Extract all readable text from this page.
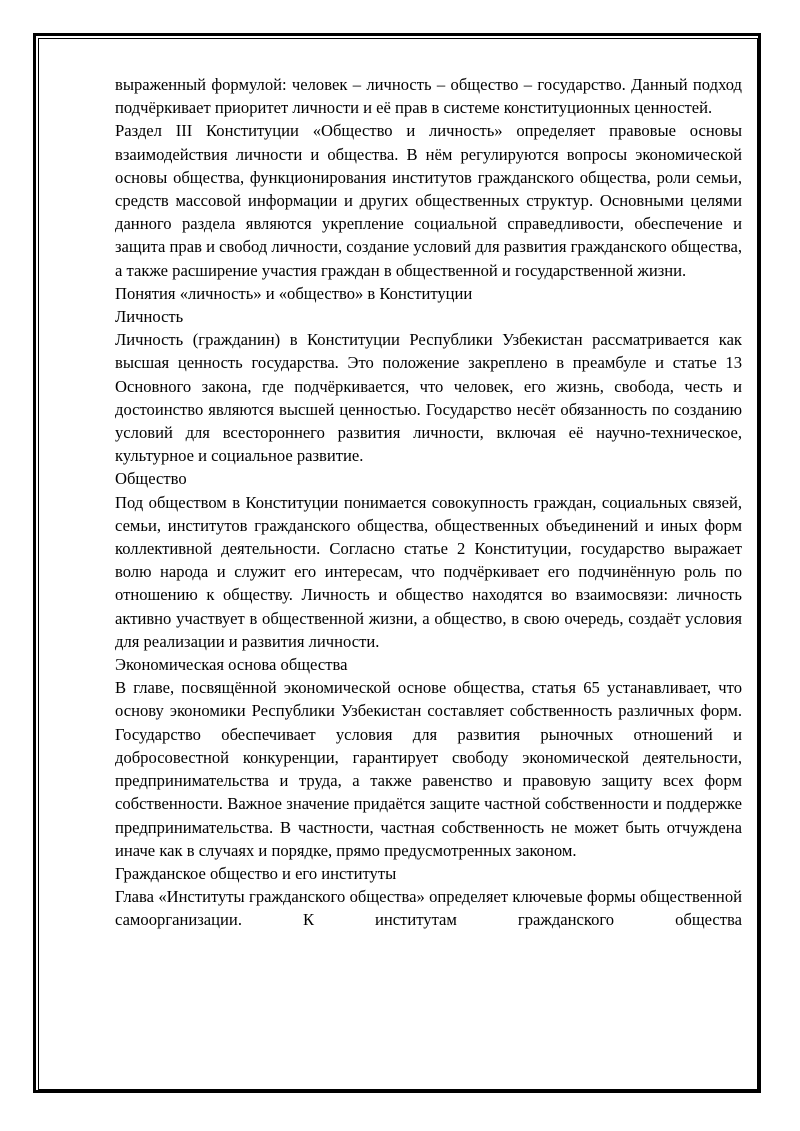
выраженный формулой: человек – личность – общество – государство. Данный подход подчёркивает приоритет личности и её прав в системе конституционных ценностей.

Раздел III Конституции «Общество и личность» определяет правовые основы взаимодействия личности и общества. В нём регулируются вопросы экономической основы общества, функционирования институтов гражданского общества, роли семьи, средств массовой информации и других общественных структур. Основными целями данного раздела являются укрепление социальной справедливости, обеспечение и защита прав и свобод личности, создание условий для развития гражданского общества, а также расширение участия граждан в общественной и государственной жизни.

Понятия «личность» и «общество» в Конституции

Личность

Личность (гражданин) в Конституции Республики Узбекистан рассматривается как высшая ценность государства. Это положение закреплено в преамбуле и статье 13 Основного закона, где подчёркивается, что человек, его жизнь, свобода, честь и достоинство являются высшей ценностью. Государство несёт обязанность по созданию условий для всестороннего развития личности, включая её научно-техническое, культурное и социальное развитие.

Общество

Под обществом в Конституции понимается совокупность граждан, социальных связей, семьи, институтов гражданского общества, общественных объединений и иных форм коллективной деятельности. Согласно статье 2 Конституции, государство выражает волю народа и служит его интересам, что подчёркивает его подчинённую роль по отношению к обществу. Личность и общество находятся во взаимосвязи: личность активно участвует в общественной жизни, а общество, в свою очередь, создаёт условия для реализации и развития личности.

Экономическая основа общества

В главе, посвящённой экономической основе общества, статья 65 устанавливает, что основу экономики Республики Узбекистан составляет собственность различных форм. Государство обеспечивает условия для развития рыночных отношений и добросовестной конкуренции, гарантирует свободу экономической деятельности, предпринимательства и труда, а также равенство и правовую защиту всех форм собственности. Важное значение придаётся защите частной собственности и поддержке предпринимательства. В частности, частная собственность не может быть отчуждена иначе как в случаях и порядке, прямо предусмотренных законом.

Гражданское общество и его институты

Глава «Институты гражданского общества» определяет ключевые формы общественной самоорганизации. К институтам гражданского общества
